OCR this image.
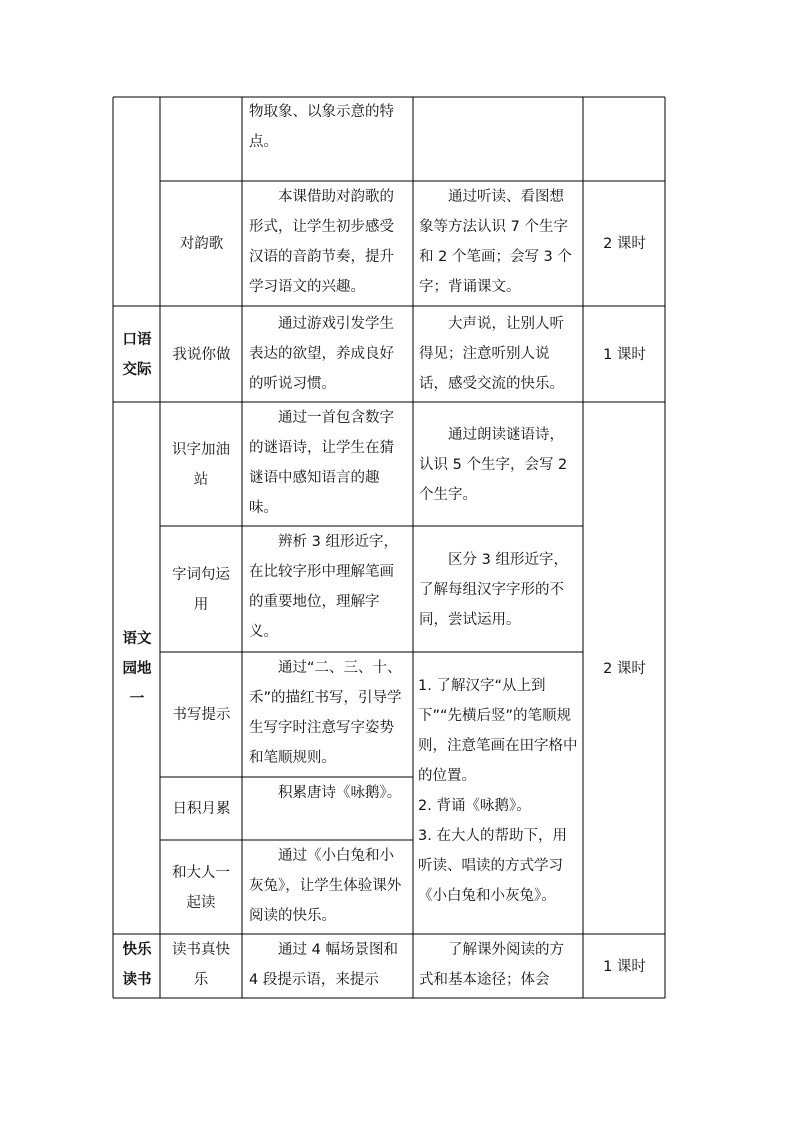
物取象、以象示意的特点。
对韵歌
本课借助对韵歌的形式，让学生初步感受汉语的音韵节奏，提升学习语文的兴趣。
通过听读、看图想象等方法认识 7 个生字和 2 个笔画；会写 3 个字；背诵课文。
2 课时
口语交际
我说你做
通过游戏引发学生表达的欲望，养成良好的听说习惯。
大声说，让别人听得见；注意听别人说话，感受交流的快乐。
1 课时
语文园地一
2 课时
识字加油站
通过一首包含数字的谜语诗，让学生在猜谜语中感知语言的趣味。
通过朗读谜语诗，认识 5 个生字，会写 2 个生字。
字词句运用
辨析 3 组形近字，在比较字形中理解笔画的重要地位，理解字义。
区分 3 组形近字，了解每组汉字字形的不同，尝试运用。
书写提示
通过“二、三、十、禾”的描红书写，引导学生写字时注意写字姿势和笔顺规则。
日积月累
积累唐诗《咏鹅》。
和大人一起读
通过《小白兔和小灰兔》，让学生体验课外阅读的快乐。
1. 了解汉字“从上到下”“先横后竖”的笔顺规则，注意笔画在田字格中的位置。
2. 背诵《咏鹅》。
3. 在大人的帮助下，用听读、唱读的方式学习《小白兔和小灰兔》。
快乐读书
读书真快乐
通过 4 幅场景图和 4 段提示语，来提示
了解课外阅读的方式和基本途径；体会
1 课时
